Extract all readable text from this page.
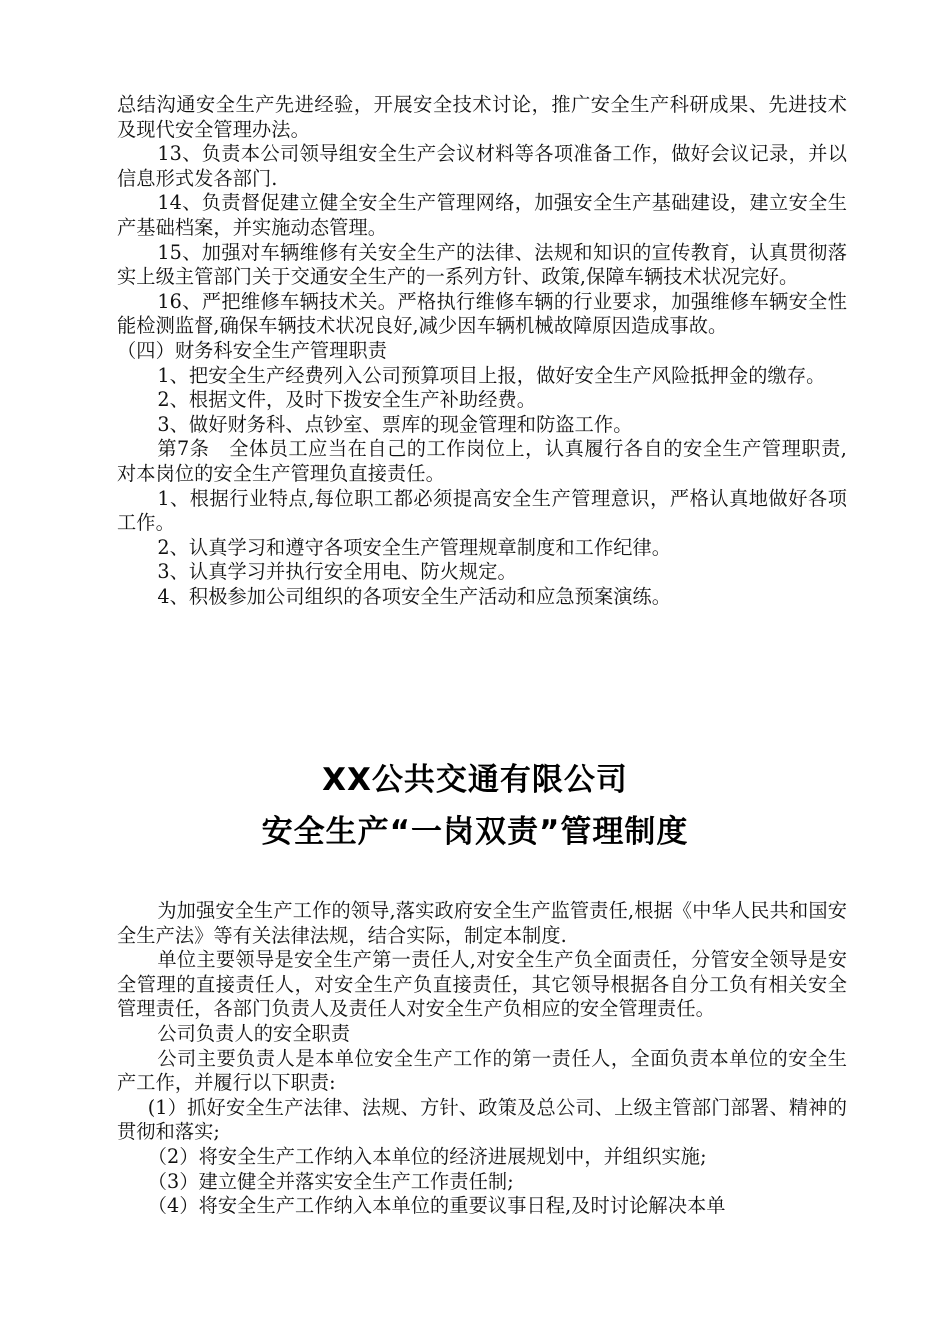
总结沟通安全生产先进经验，开展安全技术讨论，推广安全生产科研成果、先进技术及现代安全管理办法。

13、负责本公司领导组安全生产会议材料等各项准备工作，做好会议记录，并以信息形式发各部门.

14、负责督促建立健全安全生产管理网络，加强安全生产基础建设，建立安全生产基础档案，并实施动态管理。

15、加强对车辆维修有关安全生产的法律、法规和知识的宣传教育，认真贯彻落实上级主管部门关于交通安全生产的一系列方针、政策,保障车辆技术状况完好。

16、严把维修车辆技术关。严格执行维修车辆的行业要求，加强维修车辆安全性能检测监督,确保车辆技术状况良好,减少因车辆机械故障原因造成事故。

（四）财务科安全生产管理职责

1、把安全生产经费列入公司预算项目上报，做好安全生产风险抵押金的缴存。

2、根据文件，及时下拨安全生产补助经费。

3、做好财务科、点钞室、票库的现金管理和防盗工作。

第7条　全体员工应当在自己的工作岗位上，认真履行各自的安全生产管理职责,对本岗位的安全生产管理负直接责任。

1、根据行业特点,每位职工都必须提高安全生产管理意识，严格认真地做好各项工作。

2、认真学习和遵守各项安全生产管理规章制度和工作纪律。

3、认真学习并执行安全用电、防火规定。

4、积极参加公司组织的各项安全生产活动和应急预案演练。

XX公共交通有限公司
安全生产“一岗双责”管理制度

为加强安全生产工作的领导,落实政府安全生产监管责任,根据《中华人民共和国安全生产法》等有关法律法规，结合实际，制定本制度.

单位主要领导是安全生产第一责任人,对安全生产负全面责任，分管安全领导是安全管理的直接责任人，对安全生产负直接责任，其它领导根据各自分工负有相关安全管理责任，各部门负责人及责任人对安全生产负相应的安全管理责任。

公司负责人的安全职责

公司主要负责人是本单位安全生产工作的第一责任人，全面负责本单位的安全生产工作，并履行以下职责:

(1）抓好安全生产法律、法规、方针、政策及总公司、上级主管部门部署、精神的贯彻和落实;

（2）将安全生产工作纳入本单位的经济进展规划中，并组织实施;

（3）建立健全并落实安全生产工作责任制;

（4）将安全生产工作纳入本单位的重要议事日程,及时讨论解决本单
